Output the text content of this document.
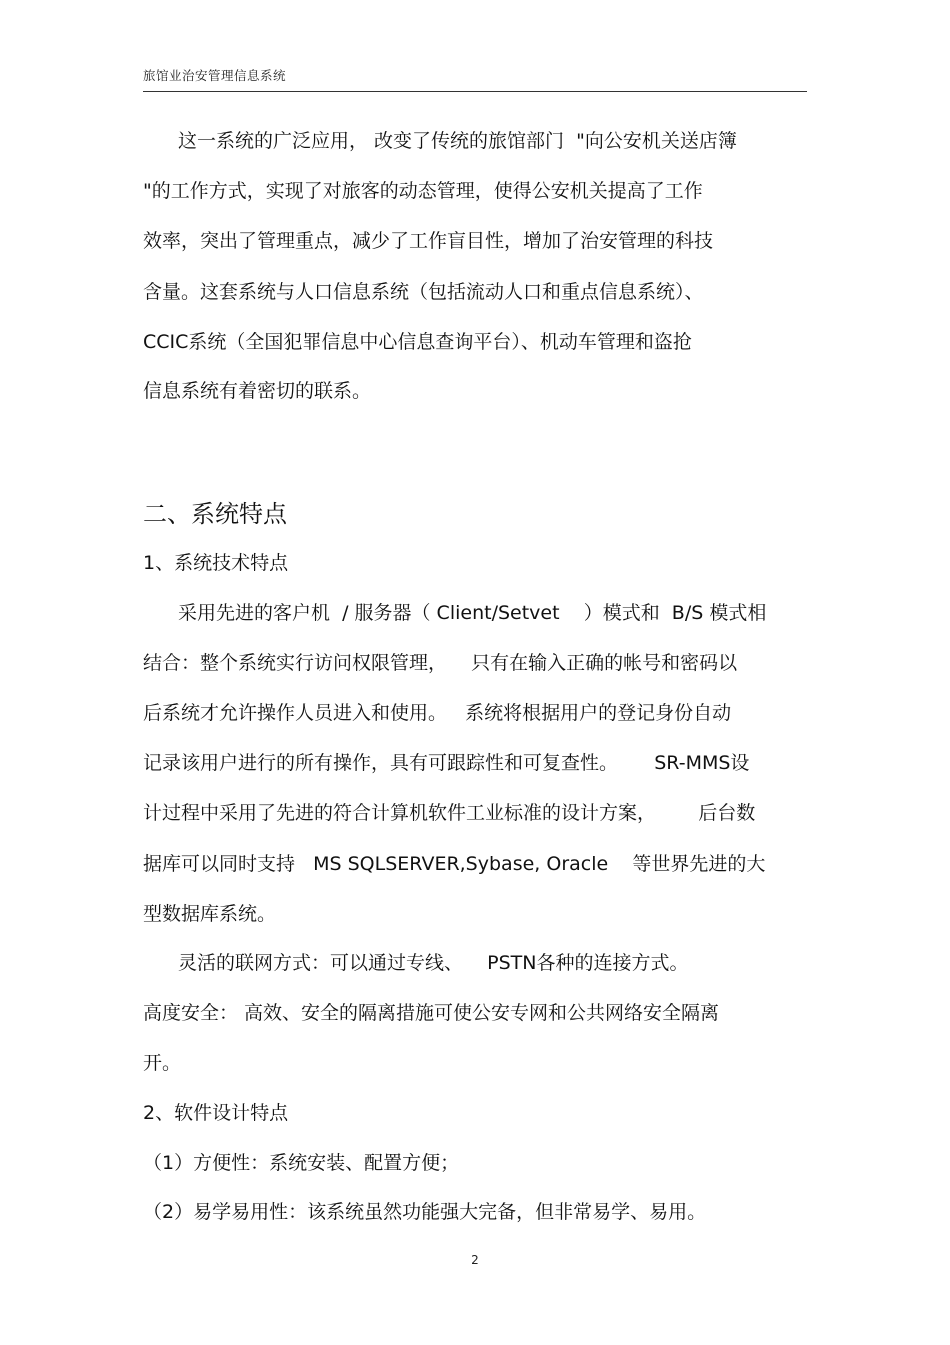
旅馆业治安管理信息系统
这一系统的广泛应用， 改变了传统的旅馆部门  "向公安机关送店簿
"的工作方式，实现了对旅客的动态管理，使得公安机关提高了工作
效率，突出了管理重点，减少了工作盲目性，增加了治安管理的科技
含量。这套系统与人口信息系统（包括流动人口和重点信息系统）、
CCIC系统（全国犯罪信息中心信息查询平台）、机动车管理和盗抢
信息系统有着密切的联系。
二、系统特点
1、系统技术特点
采用先进的客户机  / 服务器（ Client/Setvet    ）模式和  B/S 模式相
结合：整个系统实行访问权限管理，    只有在输入正确的帐号和密码以
后系统才允许操作人员进入和使用。   系统将根据用户的登记身份自动
记录该用户进行的所有操作，具有可跟踪性和可复查性。      SR-MMS设
计过程中采用了先进的符合计算机软件工业标准的设计方案，       后台数
据库可以同时支持   MS SQLSERVER,Sybase, Oracle    等世界先进的大
型数据库系统。
灵活的联网方式：可以通过专线、    PSTN各种的连接方式。
高度安全： 高效、安全的隔离措施可使公安专网和公共网络安全隔离
开。
2、软件设计特点
（1）方便性：系统安装、配置方便；
（2）易学易用性：该系统虽然功能强大完备，但非常易学、易用。
2
